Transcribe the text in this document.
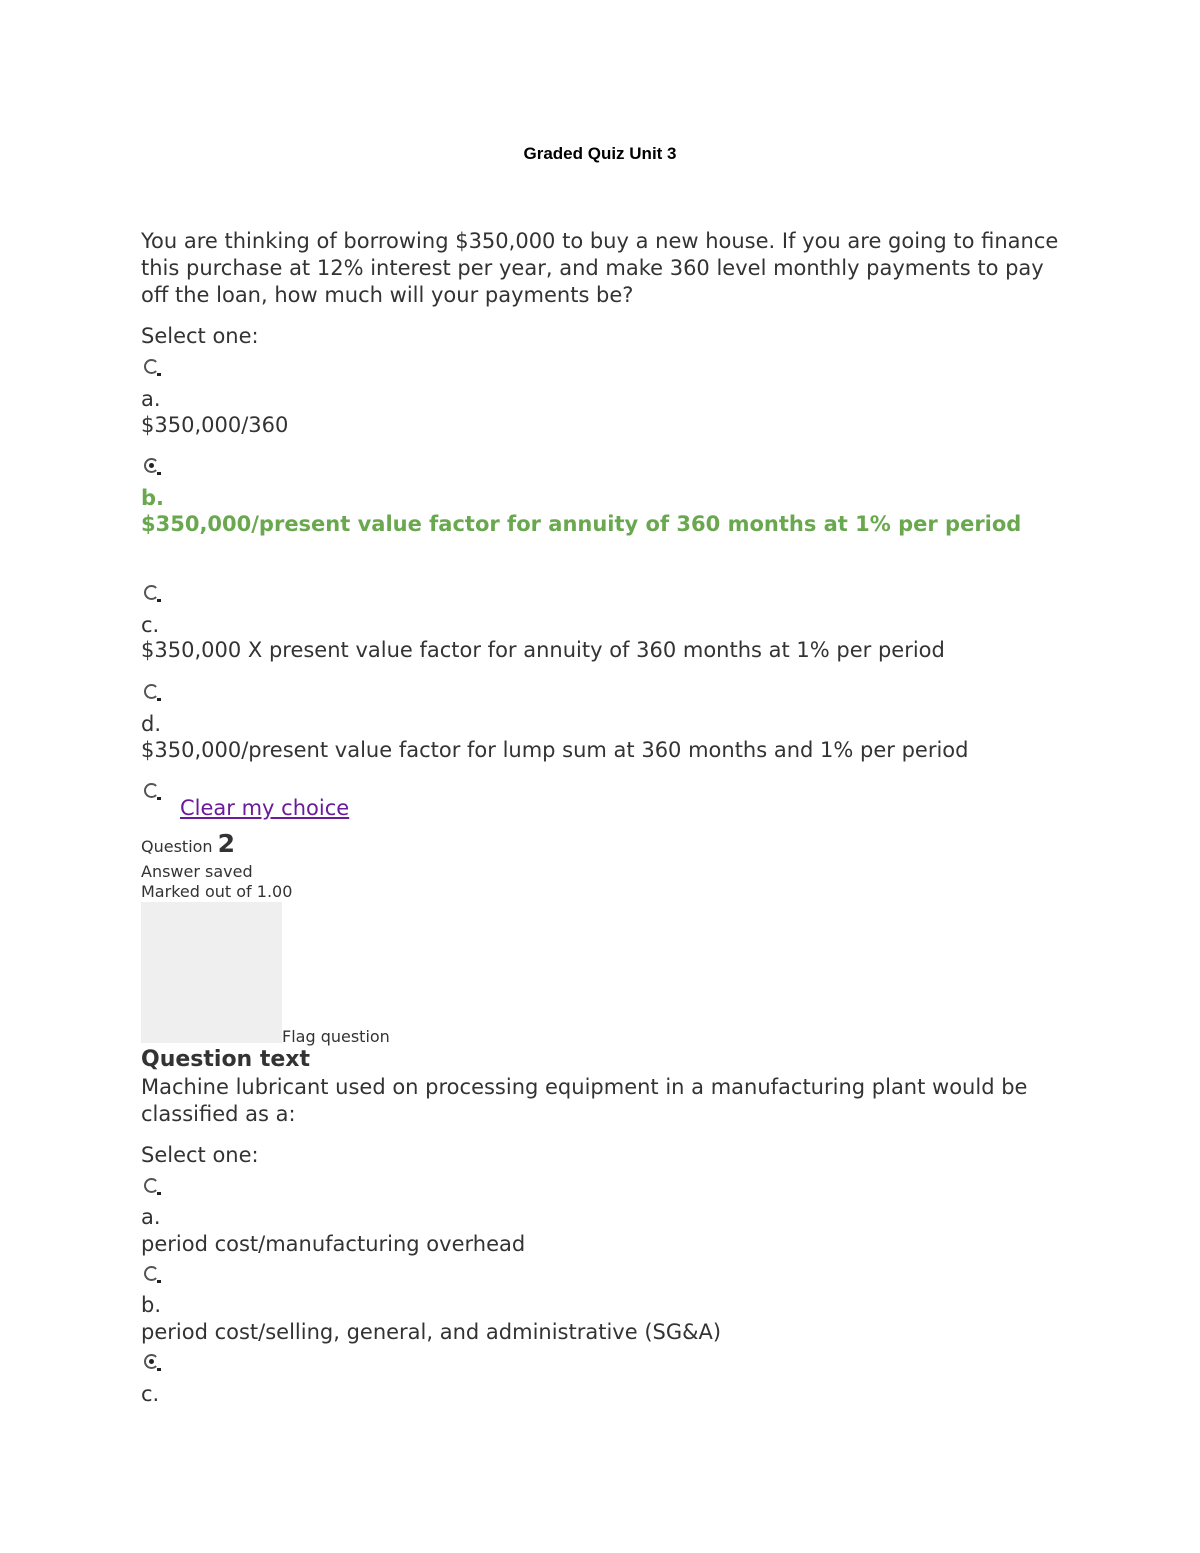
Graded Quiz Unit 3

You are thinking of borrowing $350,000 to buy a new house. If you are going to finance this purchase at 12% interest per year, and make 360 level monthly payments to pay off the loan, how much will your payments be?

Select one:
a.
$350,000/360
b.

$350,000/present value factor for annuity of 360 months at 1% per period

c.
$350,000 X present value factor for annuity of 360 months at 1% per period
d.
$350,000/present value factor for lump sum at 360 months and 1% per period
Clear my choice
Question 2
Answer saved
Marked out of 1.00
Flag question
Question text

Machine lubricant used on processing equipment in a manufacturing plant would be classified as a:

Select one:
a.
period cost/manufacturing overhead
b.
period cost/selling, general, and administrative (SG&A)
c.
